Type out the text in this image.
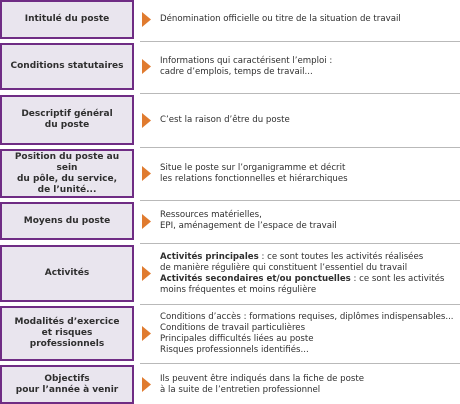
Intitulé du poste	Dénomination officielle ou titre de la situation de travail
Conditions statutaires
Informations qui caractérisent l’emploi :
cadre d’emplois, temps de travail...
Descriptif général
du poste
C’est la raison d’être du poste
Position du poste au sein
du pôle, du service,
de l’unité...
Situe le poste sur l’organigramme et décrit
les relations fonctionnelles et hiérarchiques
Moyens du poste
Ressources matérielles,
EPI, aménagement de l’espace de travail
Activités
Activités principales : ce sont toutes les activités réalisées
de manière régulière qui constituent l’essentiel du travail
Activités secondaires et/ou ponctuelles : ce sont les activités
moins fréquentes et moins régulière
Modalités d’exercice
et risques professionnels
Conditions d’accès : formations requises, diplômes indispensables...
Conditions de travail particulières
Principales difficultés liées au poste
Risques professionnels identifiés...
Objectifs
pour l’année à venir
Ils peuvent être indiqués dans la fiche de poste
à la suite de l’entretien professionnel
